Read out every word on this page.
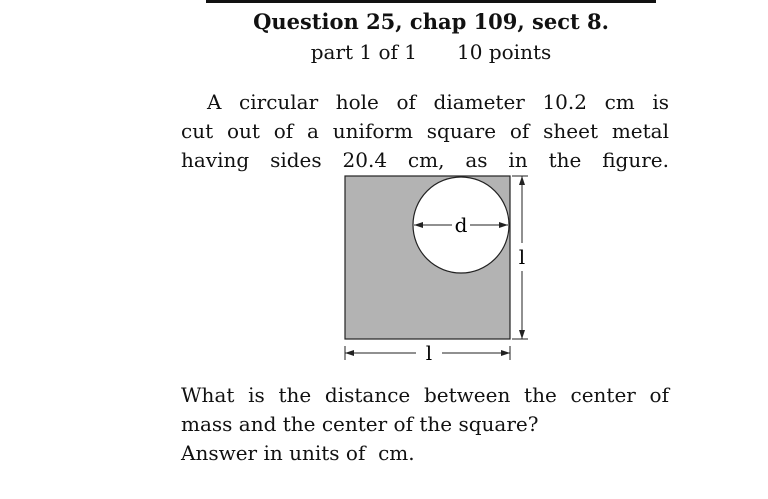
Question 25, chap 109, sect 8.
part 1 of 1 10 points
A circular hole of diameter 10.2 cm is
cut out of a uniform square of sheet metal
having sides 20.4 cm, as in the figure.
d
l
l
What is the distance between the center of
mass and the center of the square?
Answer in units of  cm.
